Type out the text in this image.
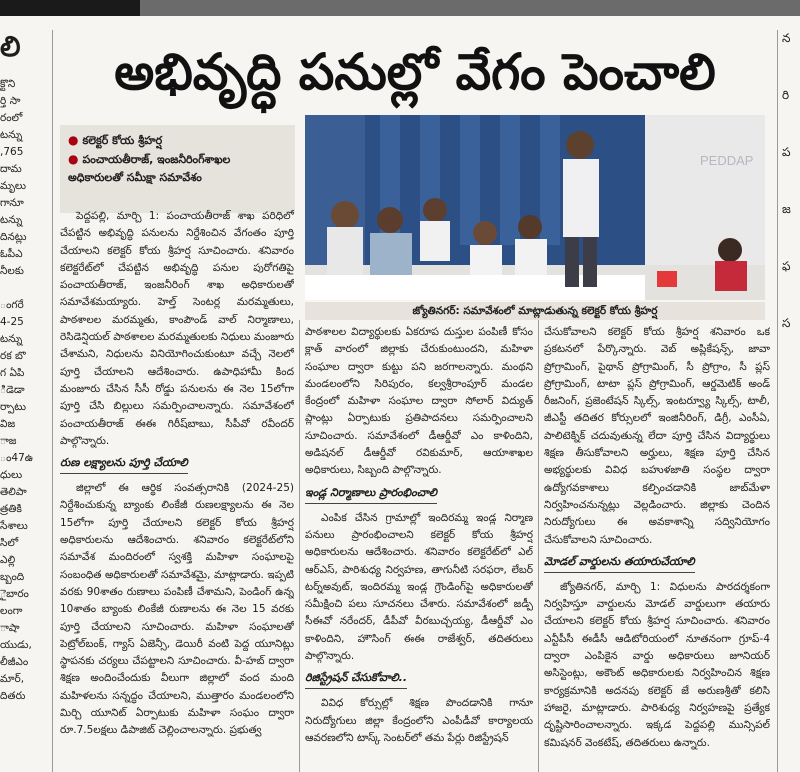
లి

క్టొని

ర్తి సా

రంలో

టన్ను

,765

దామ

మృలు

గానూ

టన్ను

దినట్లు

ఓపీఎ

నీలకు

ంగరే

4-25

టన్ను

రక బొ

గ ఏపి

ిడెడా

ర్పాటు

విజ

ాజ

ం47ఉ

ధులు

తెలిపా

త్రతికి

సేశాలు

సిలో

ఎల్లి

బ్బంది

ైబారం

లంగా

ాషా

యుడు,

లీజీఎం

మార్,

దితరు

న

రి

ప

జ

ఫ

స

అభివృద్ధి పనుల్లో వేగం పెంచాలి

● కలెక్టర్ కోయ శ్రీహర్ష

● పంచాయతీరాజ్, ఇంజనీరింగ్‌శాఖల అధికారులతో సమీక్షా సమావేశం

PEDDAP
జ్యోతినగర్: సమావేశంలో మాట్లాడుతున్న కలెక్టర్ కోయ శ్రీహర్ష

పెద్దపల్లి, మార్చి 1: పంచాయతీరాజ్ శాఖ పరిధిలో చేపట్టిన అభివృద్ధి పనులను నిర్దేశించిన వేగంతం పూర్తి చేయాలని కలెక్టర్ కోయ శ్రీహర్ష సూచించారు. శనివారం కలెక్టరేట్‌లో చేపట్టిన అభివృద్ధి పనుల పురోగతిపై పంచాయతీరాజ్, ఇంజనీరింగ్ శాఖ అధికారులతో సమావేశమయ్యారు. హెల్త్ సెంటర్ల మరమ్మతులు, పాఠశాలల మరమ్మతు, కాంపౌండ్ వాల్ నిర్మాణాలు, రెసిడెన్షియల్ పాఠశాలల మరమ్మతులకు నిధులు మంజూరు చేశామని, నిధులను వినియోగించుకుంటూ వచ్చే నెలలో పూర్తి చేయాలని ఆదేశించారు. ఉపాధిహామీ కింద మంజూరు చేసిన సీసీ రోడ్డు పనులను ఈ నెల 15లోగా పూర్తి చేసి బిల్లులు సమర్పించాలన్నారు. సమావేశంలో పంచాయతీరాజ్ ఈఈ గిరీష్‌బాబు, సీపీవో రవీందర్ పాల్గొన్నారు.

రుణ లక్ష్యాలను పూర్తి చేయాలి

జిల్లాలో ఈ ఆర్థిక సంవత్సరానికి (2024-25) నిర్దేశించుకున్న బ్యాంకు లింకేజీ రుణలక్ష్యాలను ఈ నెల 15లోగా పూర్తి చేయాలని కలెక్టర్ కోయ శ్రీహర్ష అధికారులను ఆదేశించారు. శనివారం కలెక్టరేట్‌లోని సమావేశ మందిరంలో స్వశక్తి మహిళా సంఘాలపై సంబంధిత అధికారులతో సమావేశమై, మాట్లాడారు. ఇప్పటి వరకు 90శాతం రుణాలు పంపిణీ చేశామని, పెండింగ్ ఉన్న 10శాతం బ్యాంకు లింకేజీ రుణాలను ఈ నెల 15 వరకు పూర్తి చేయాలని సూచించారు. మహిళా సంఘాలతో పెట్రోల్‌బంక్, గ్యాస్ ఏజెన్సీ, డెయిరీ వంటి పెద్ద యూనిట్లు స్థాపనకు చర్యలు చేపట్టాలని సూచించారు. వీ-హబ్ ద్వారా శిక్షణ అందించేందుకు వీలుగా జిల్లాలో వంద మంది మహిళలను సన్నద్ధం చేయాలని, ముత్తారం మండలంలోని మిర్చి యూనిట్ ఏర్పాటుకు మహిళా సంఘం ద్వారా రూ.7.5లక్షలు డిపాజిట్ చెల్లించాలన్నారు. ప్రభుత్వ

పాఠశాలల విద్యార్థులకు ఏకరూప దుస్తుల పంపిణీ కోసం క్లాత్ వారంలో జిల్లాకు చేరుకుంటుందని, మహిళా సంఘాల ద్వారా కుట్టు పని జరగాలన్నారు. మంథని మండలంలోని సిరిపురం, కల్వశ్రీరాంపూర్ మండల కేంద్రంలో మహిళా సంఘాల ద్వారా సోలార్ విద్యుత్ ప్లాంట్లు ఏర్పాటుకు ప్రతిపాదనలు సమర్పించాలని సూచించారు. సమావేశంలో డీఆర్డీవో ఎం కాళిందిని, అడిషనల్ డీఆర్డీవో రవికుమార్, ఆయాశాఖల అధికారులు, సిబ్బంది పాల్గొన్నారు.

ఇండ్ల నిర్మాణాలు ప్రారంభించాలి

ఎంపిక చేసిన గ్రామాల్లో ఇందిరమ్మ ఇండ్ల నిర్మాణ పనులు ప్రారంభించాలని కలెక్టర్ కోయ శ్రీహర్ష అధికారులను ఆదేశించారు. శనివారం కలెక్టరేట్‌లో ఎల్ ఆర్ఎస్, పారిశుధ్య నిర్వహణ, తాగునీటి సరఫరా, లేబర్ టర్న్అవుట్, ఇందిరమ్మ ఇండ్ల గ్రౌండింగ్‌పై అధికారులతో సమీక్షించి పలు సూచనలు చేశారు. సమావేశంలో జడ్పీ సీఈవో నరేందర్, డీపీవో వీరబుచ్చయ్య, డీఆర్డీవో ఎం కాళిందిని, హౌసింగ్ ఈఈ రాజేశ్వర్, తదితరులు పాల్గొన్నారు.

రిజిస్ట్రేషన్ చేసుకోవాలి..

వివిధ కోర్సుల్లో శిక్షణ పొందడానికి గానూ నిరుద్యోగులు జిల్లా కేంద్రంలోని ఎంపీడీవో కార్యాలయ ఆవరణలోని టాస్క్ సెంటర్‌లో తమ పేర్లు రిజిస్ట్రేషన్

చేసుకోవాలని కలెక్టర్ కోయ శ్రీహర్ష శనివారం ఒక ప్రకటనలో పేర్కొన్నారు. వెబ్ అప్లికేషన్స్, జావా ప్రోగ్రామింగ్, పైథాన్ ప్రోగ్రామింగ్, సీ ప్రోగ్రాం, సీ ప్లస్ ప్రోగ్రామింగ్, టాటా ప్లస్ ప్రోగ్రామింగ్, ఆర్డమెటిక్ అండ్ రీజనింగ్, ప్రజెంటేషన్ స్కిల్స్, ఇంటర్వ్యూ స్కిల్స్, టాలీ, జీఎస్టీ తదితర కోర్సులలో ఇంజినీరింగ్, డిగ్రీ, ఎంసీఏ, పాలిటెక్నిక్ చదువుతున్న లేదా పూర్తి చేసిన విద్యార్థులు శిక్షణ తీసుకోవాలని అర్హులు, శిక్షణ పూర్తి చేసిన అభ్యర్థులకు వివిధ బహుళజాతి సంస్థల ద్వారా ఉద్యోగవకాశాలు కల్పించడానికి జాబ్‌మేళా నిర్వహించనున్నట్లు వెల్లడించారు. జిల్లాకు చెందిన నిరుద్యోగులు ఈ అవకాశాన్ని సద్వినియోగం చేసుకోవాలని సూచించారు.

మోడల్ వార్డులను తయారుచేయాలి

జ్యోతినగర్, మార్చి 1: విధులను పారదర్శకంగా నిర్వహిస్తూ వార్డులను మోడల్ వార్డులుగా తయారు చేయాలని కలెక్టర్ కోయ శ్రీహర్ష సూచించారు. శనివారం ఎన్టీపీసీ ఈడీసీ ఆడిటోరియంలో నూతనంగా గ్రూప్-4 ద్వారా ఎంపికైన వార్డు అధికారులు జూనియర్ అసిస్టెంట్లు, అకౌంట్ అధికారులకు నిర్వహించిన శిక్షణ కార్యక్రమానికి అదనపు కలెక్టర్ జే అరుణశ్రీతో కలిసి హాజరై, మాట్లాడారు. పారిశుధ్య నిర్వహణపై ప్రత్యేక దృష్టిసారించాలన్నారు. ఇక్కడ పెద్దపల్లి మున్సిపల్ కమిషనర్ వెంకటేష్, తదితరులు ఉన్నారు.
